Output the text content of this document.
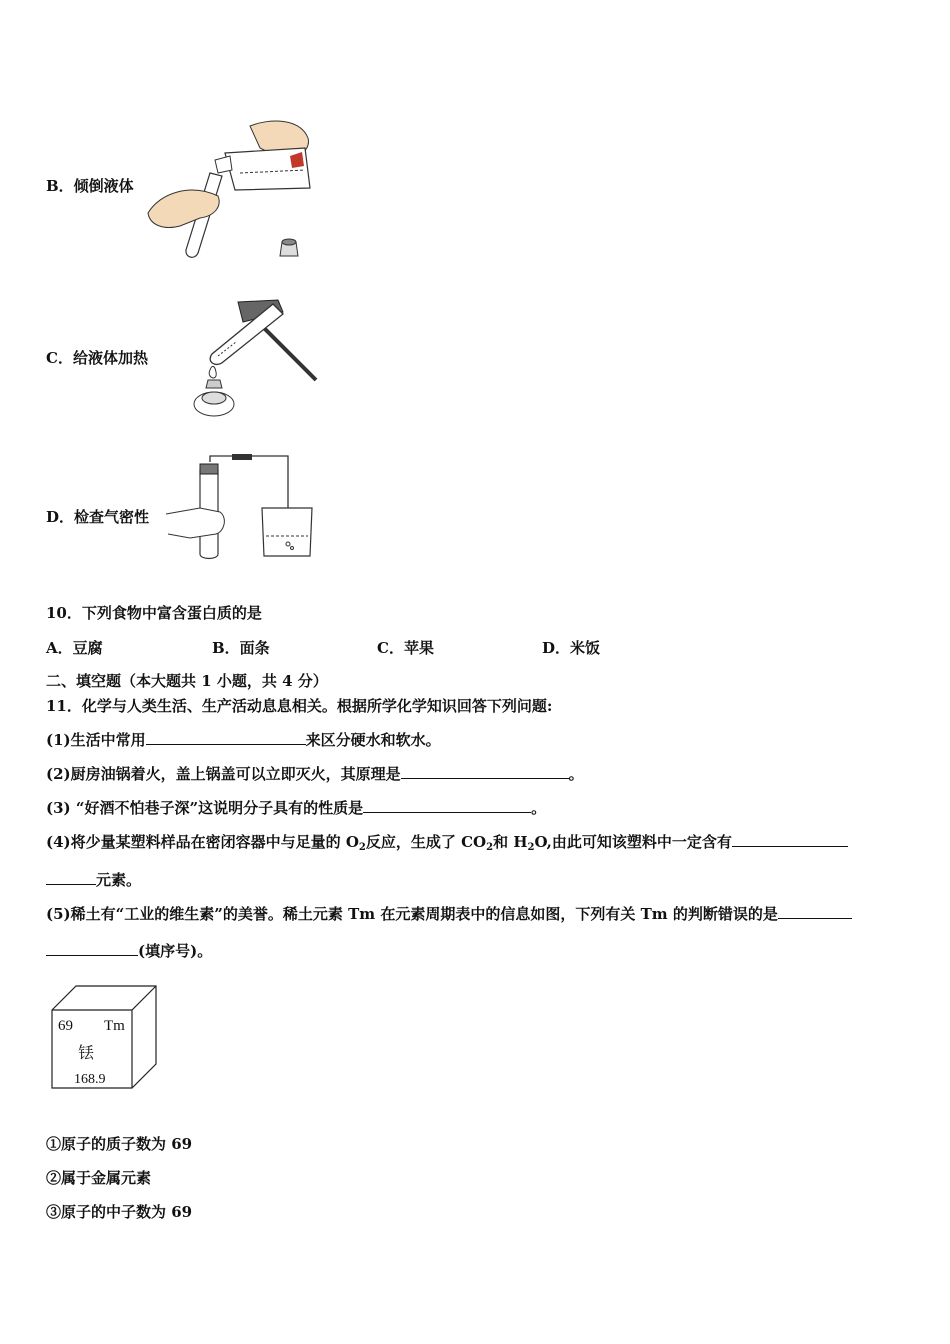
B．倾倒液体
C．给液体加热
D．检查气密性
10．下列食物中富含蛋白质的是
A．豆腐	B．面条	C．苹果	D．米饭
二、填空题（本大题共 1 小题，共 4 分）
11．化学与人类生活、生产活动息息相关。根据所学化学知识回答下列问题:
(1)生活中常用	来区分硬水和软水。
(2)厨房油锅着火，盖上锅盖可以立即灭火，其原理是	。
(3) “好酒不怕巷子深”这说明分子具有的性质是	。
(4)将少量某塑料样品在密闭容器中与足量的 $O_2$反应，生成了 $CO_2$和 $H_2O$,由此可知该塑料中一定含有
元素。
(5)稀土有“工业的维生素”的美誉。稀土元素 Tm 在元素周期表中的信息如图，下列有关 Tm 的判断错误的是
(填序号)。
69 Tm
铥
168.9
①原子的质子数为 69
②属于金属元素
③原子的中子数为 69
